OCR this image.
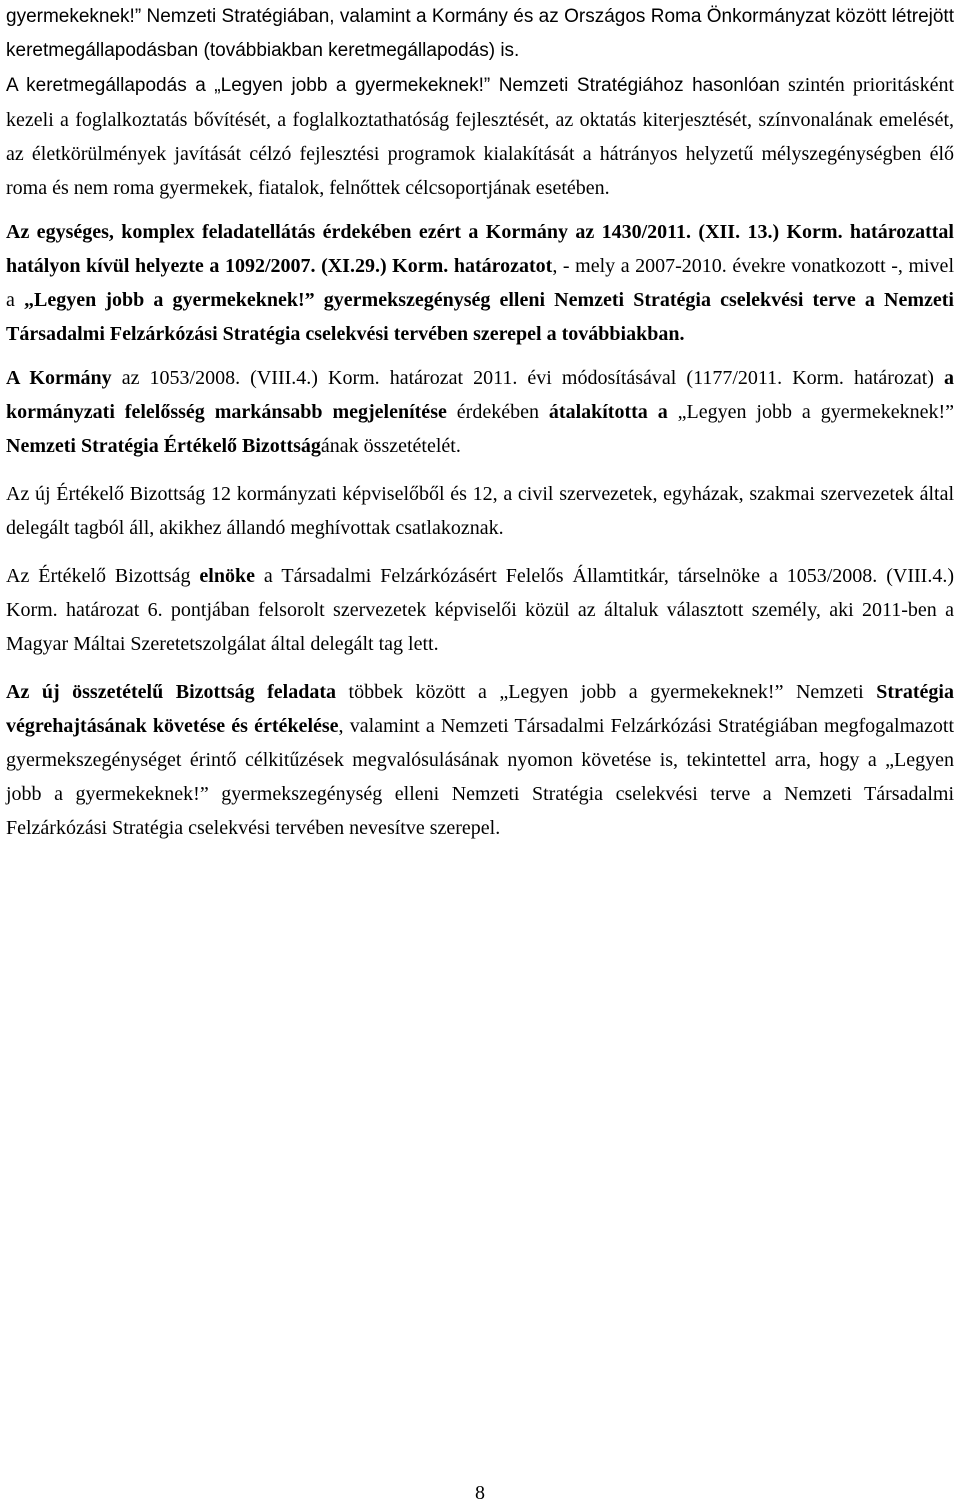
gyermekeknek!” Nemzeti Stratégiában, valamint a Kormány és az Országos Roma Önkormányzat között létrejött keretmegállapodásban (továbbiakban keretmegállapodás) is.

A keretmegállapodás a „Legyen jobb a gyermekeknek!” Nemzeti Stratégiához hasonlóan szintén prioritásként kezeli a foglalkoztatás bővítését, a foglalkoztathatóság fejlesztését, az oktatás kiterjesztését, színvonalának emelését, az életkörülmények javítását célzó fejlesztési programok kialakítását a hátrányos helyzetű mélyszegénységben élő roma és nem roma gyermekek, fiatalok, felnőttek célcsoportjának esetében.

Az egységes, komplex feladatellátás érdekében ezért a Kormány az 1430/2011. (XII. 13.) Korm. határozattal hatályon kívül helyezte a 1092/2007. (XI.29.) Korm. határozatot, - mely a 2007-2010. évekre vonatkozott -, mivel a „Legyen jobb a gyermekeknek!” gyermekszegénység elleni Nemzeti Stratégia cselekvési terve a Nemzeti Társadalmi Felzárkózási Stratégia cselekvési tervében szerepel a továbbiakban.

A Kormány az 1053/2008. (VIII.4.) Korm. határozat 2011. évi módosításával (1177/2011. Korm. határozat) a kormányzati felelősség markánsabb megjelenítése érdekében átalakította a „Legyen jobb a gyermekeknek!” Nemzeti Stratégia Értékelő Bizottságának összetételét.

Az új Értékelő Bizottság 12 kormányzati képviselőből és 12, a civil szervezetek, egyházak, szakmai szervezetek által delegált tagból áll, akikhez állandó meghívottak csatlakoznak.

Az Értékelő Bizottság elnöke a Társadalmi Felzárkózásért Felelős Államtitkár, társelnöke a 1053/2008. (VIII.4.) Korm. határozat 6. pontjában felsorolt szervezetek képviselői közül az általuk választott személy, aki 2011-ben a Magyar Máltai Szeretetszolgálat által delegált tag lett.

Az új összetételű Bizottság feladata többek között a „Legyen jobb a gyermekeknek!” Nemzeti Stratégia végrehajtásának követése és értékelése, valamint a Nemzeti Társadalmi Felzárkózási Stratégiában megfogalmazott gyermekszegénységet érintő célkitűzések megvalósulásának nyomon követése is, tekintettel arra, hogy a „Legyen jobb a gyermekeknek!” gyermekszegénység elleni Nemzeti Stratégia cselekvési terve a Nemzeti Társadalmi Felzárkózási Stratégia cselekvési tervében nevesítve szerepel.

8
